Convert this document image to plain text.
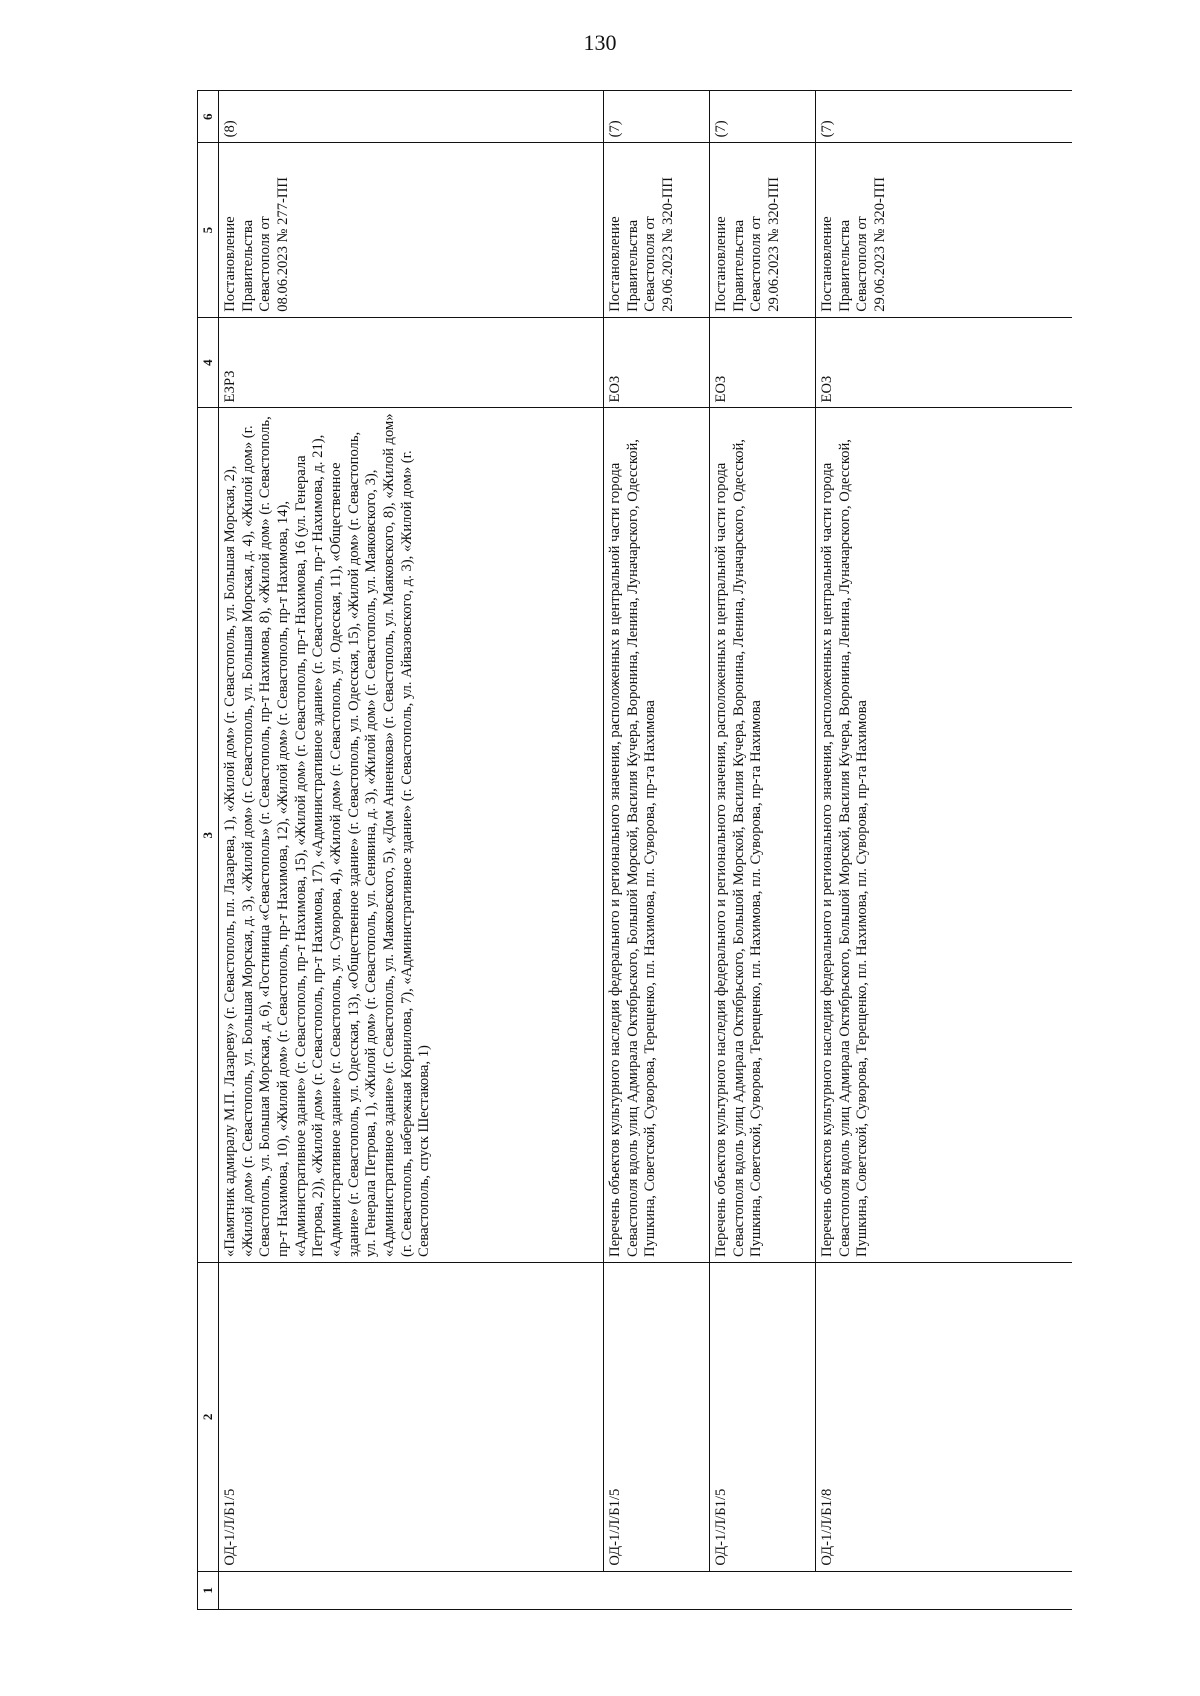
130
1	2	3	4	5	6
	ОД-1/Л/Б1/5	«Памятник адмиралу М.П. Лазареву» (г. Севастополь, пл. Лазарева, 1), «Жилой дом» (г. Севастополь, ул. Большая Морская, 2), «Жилой дом» (г. Севастополь, ул. Большая Морская, д. 3), «Жилой дом» (г. Севастополь, ул. Большая Морская, д. 4), «Жилой дом» (г. Севастополь, ул. Большая Морская, д. 6), «Гостиница «Севастополь» (г. Севастополь, пр-т Нахимова, 8), «Жилой дом» (г. Севастополь, пр-т Нахимова, 10), «Жилой дом» (г. Севастополь, пр-т Нахимова, 12), «Жилой дом» (г. Севастополь, пр-т Нахимова, 14), «Административное здание» (г. Севастополь, пр-т Нахимова, 15), «Жилой дом» (г. Севастополь, пр-т Нахимова, 16 (ул. Генерала Петрова, 2)), «Жилой дом» (г. Севастополь, пр-т Нахимова, 17), «Административное здание» (г. Севастополь, пр-т Нахимова, д. 21), «Административное здание» (г. Севастополь, ул. Суворова, 4), «Жилой дом» (г. Севастополь, ул. Одесская, 11), «Общественное здание» (г. Севастополь, ул. Одесская, 13), «Общественное здание» (г. Севастополь, ул. Одесская, 15), «Жилой дом» (г. Севастополь, ул. Генерала Петрова, 1), «Жилой дом» (г. Севастополь, ул. Сенявина, д. 3), «Жилой дом» (г. Севастополь, ул. Маяковского, 3), «Административное здание» (г. Севастополь, ул. Маяковского, 5), «Дом Анненкова» (г. Севастополь, ул. Маяковского, 8), «Жилой дом» (г. Севастополь, набережная Корнилова, 7), «Административное здание» (г. Севастополь, ул. Айвазовского, д. 3), «Жилой дом» (г. Севастополь, спуск Шестакова, 1)	ЕЗРЗ	Постановление Правительства Севастополя от 08.06.2023 № 277-ПП	(8)
	ОД-1/Л/Б1/5	Перечень объектов культурного наследия федерального и регионального значения, расположенных в центральной части города Севастополя вдоль улиц Адмирала Октябрьского, Большой Морской, Василия Кучера, Воронина, Ленина, Луначарского, Одесской, Пушкина, Советской, Суворова, Терещенко, пл. Нахимова, пл. Суворова, пр-та Нахимова	ЕОЗ	Постановление Правительства Севастополя от 29.06.2023 № 320-ПП	(7)
	ОД-1/Л/Б1/5	Перечень объектов культурного наследия федерального и регионального значения, расположенных в центральной части города Севастополя вдоль улиц Адмирала Октябрьского, Большой Морской, Василия Кучера, Воронина, Ленина, Луначарского, Одесской, Пушкина, Советской, Суворова, Терещенко, пл. Нахимова, пл. Суворова, пр-та Нахимова	ЕОЗ	Постановление Правительства Севастополя от 29.06.2023 № 320-ПП	(7)
	ОД-1/Л/Б1/8	Перечень объектов культурного наследия федерального и регионального значения, расположенных в центральной части города Севастополя вдоль улиц Адмирала Октябрьского, Большой Морской, Василия Кучера, Воронина, Ленина, Луначарского, Одесской, Пушкина, Советской, Суворова, Терещенко, пл. Нахимова, пл. Суворова, пр-та Нахимова	ЕОЗ	Постановление Правительства Севастополя от 29.06.2023 № 320-ПП	(7)
